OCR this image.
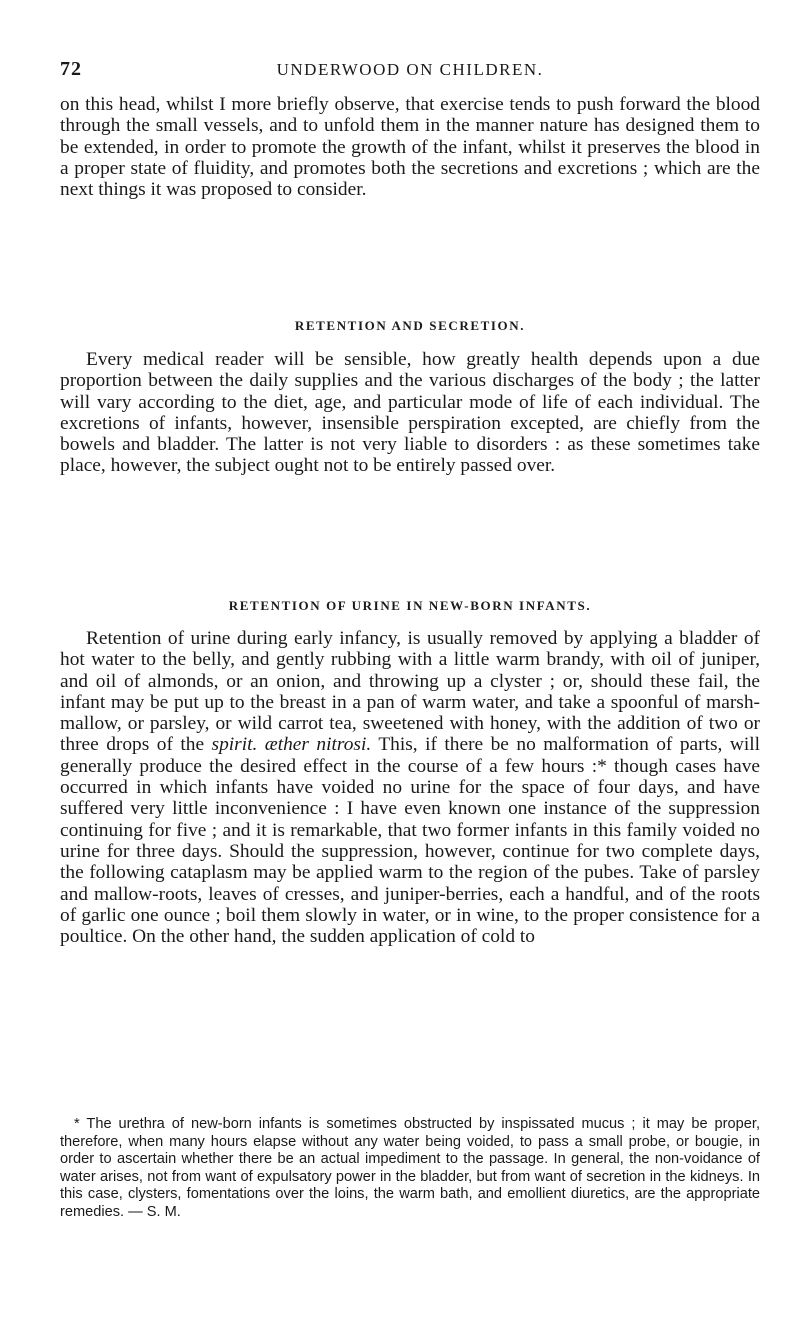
72	UNDERWOOD ON CHILDREN.

on this head, whilst I more briefly observe, that exercise tends to push forward the blood through the small vessels, and to unfold them in the manner nature has designed them to be extended, in order to promote the growth of the infant, whilst it preserves the blood in a proper state of fluidity, and promotes both the secretions and excretions ; which are the next things it was proposed to consider.

RETENTION AND SECRETION.

Every medical reader will be sensible, how greatly health depends upon a due proportion between the daily supplies and the various discharges of the body ; the latter will vary according to the diet, age, and particular mode of life of each individual. The excretions of infants, however, insensible perspiration excepted, are chiefly from the bowels and bladder. The latter is not very liable to disorders : as these sometimes take place, however, the subject ought not to be entirely passed over.

RETENTION OF URINE IN NEW-BORN INFANTS.

Retention of urine during early infancy, is usually removed by applying a bladder of hot water to the belly, and gently rubbing with a little warm brandy, with oil of juniper, and oil of almonds, or an onion, and throwing up a clyster ; or, should these fail, the infant may be put up to the breast in a pan of warm water, and take a spoonful of marsh-mallow, or parsley, or wild carrot tea, sweetened with honey, with the addition of two or three drops of the spirit. æther nitrosi. This, if there be no malformation of parts, will generally produce the desired effect in the course of a few hours :* though cases have occurred in which infants have voided no urine for the space of four days, and have suffered very little inconvenience : I have even known one instance of the suppression continuing for five ; and it is remarkable, that two former infants in this family voided no urine for three days. Should the suppression, however, continue for two complete days, the following cataplasm may be applied warm to the region of the pubes. Take of parsley and mallow-roots, leaves of cresses, and juniper-berries, each a handful, and of the roots of garlic one ounce ; boil them slowly in water, or in wine, to the proper consistence for a poultice. On the other hand, the sudden application of cold to

* The urethra of new-born infants is sometimes obstructed by inspissated mucus ; it may be proper, therefore, when many hours elapse without any water being voided, to pass a small probe, or bougie, in order to ascertain whether there be an actual impediment to the passage. In general, the non-voidance of water arises, not from want of expulsatory power in the bladder, but from want of secretion in the kidneys. In this case, clysters, fomentations over the loins, the warm bath, and emollient diuretics, are the appropriate remedies. — S. M.
